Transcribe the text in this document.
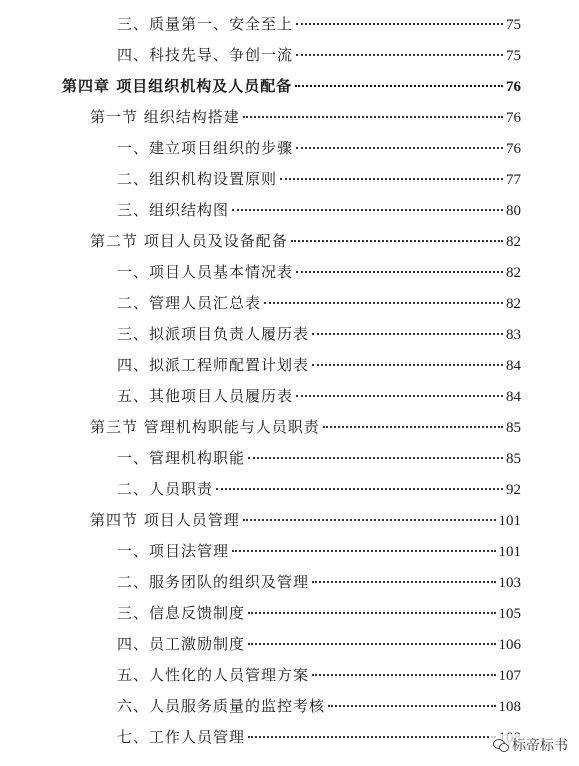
三、质量第一、安全至上	75
四、科技先导、争创一流	75
第四章 项目组织机构及人员配备	76
第一节 组织结构搭建	76
一、建立项目组织的步骤	76
二、组织机构设置原则	77
三、组织结构图	80
第二节 项目人员及设备配备	82
一、项目人员基本情况表	82
二、管理人员汇总表	82
三、拟派项目负责人履历表	83
四、拟派工程师配置计划表	84
五、其他项目人员履历表	84
第三节 管理机构职能与人员职责	85
一、管理机构职能	85
二、人员职责	92
第四节 项目人员管理	101
一、项目法管理	101
二、服务团队的组织及管理	103
三、信息反馈制度	105
四、员工激励制度	106
五、人性化的人员管理方案	107
六、人员服务质量的监控考核	108
七、工作人员管理	标帝标书
